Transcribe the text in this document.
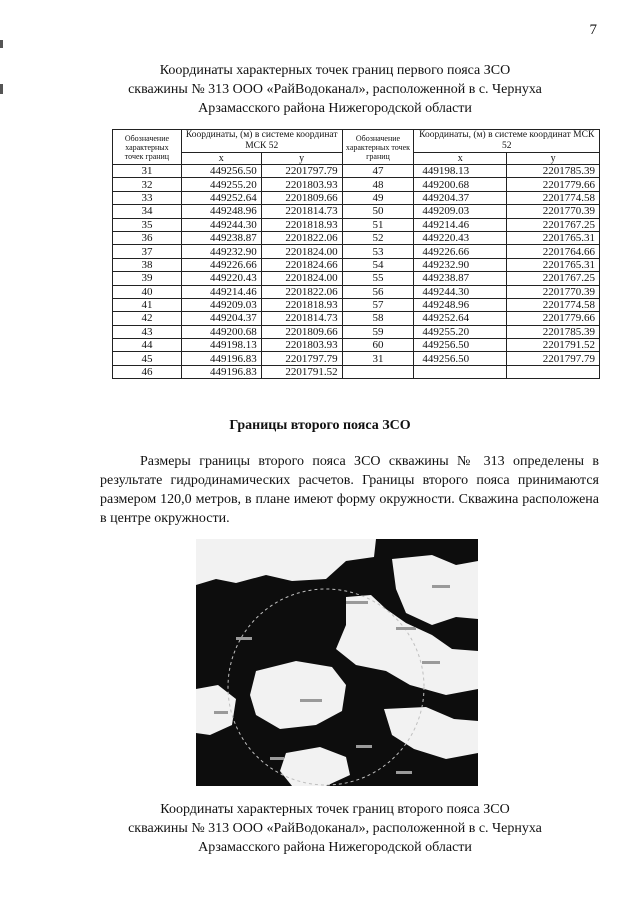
7
Координаты характерных точек границ первого пояса ЗСО
скважины № 313 ООО «РайВодоканал», расположенной в с. Чернуха
Арзамасского района Нижегородской области
Обозначение характерных точек границ	Координаты, (м) в системе координат МСК 52		Обозначение характерных точек границ	Координаты, (м) в системе координат МСК 52	
	x	y		x	y
31	449256.50	2201797.79	47	449198.13	2201785.39
32	449255.20	2201803.93	48	449200.68	2201779.66
33	449252.64	2201809.66	49	449204.37	2201774.58
34	449248.96	2201814.73	50	449209.03	2201770.39
35	449244.30	2201818.93	51	449214.46	2201767.25
36	449238.87	2201822.06	52	449220.43	2201765.31
37	449232.90	2201824.00	53	449226.66	2201764.66
38	449226.66	2201824.66	54	449232.90	2201765.31
39	449220.43	2201824.00	55	449238.87	2201767.25
40	449214.46	2201822.06	56	449244.30	2201770.39
41	449209.03	2201818.93	57	449248.96	2201774.58
42	449204.37	2201814.73	58	449252.64	2201779.66
43	449200.68	2201809.66	59	449255.20	2201785.39
44	449198.13	2201803.93	60	449256.50	2201791.52
45	449196.83	2201797.79	31	449256.50	2201797.79
46	449196.83	2201791.52			
Границы второго пояса ЗСО

Размеры границы второго пояса ЗСО скважины № 313 определены в результате гидродинамических расчетов. Границы второго пояса принимаются размером 120,0 метров, в плане имеют форму окружности. Скважина расположена в центре окружности.

Координаты характерных точек границ второго пояса ЗСО
скважины № 313 ООО «РайВодоканал», расположенной в с. Чернуха
Арзамасского района Нижегородской области
